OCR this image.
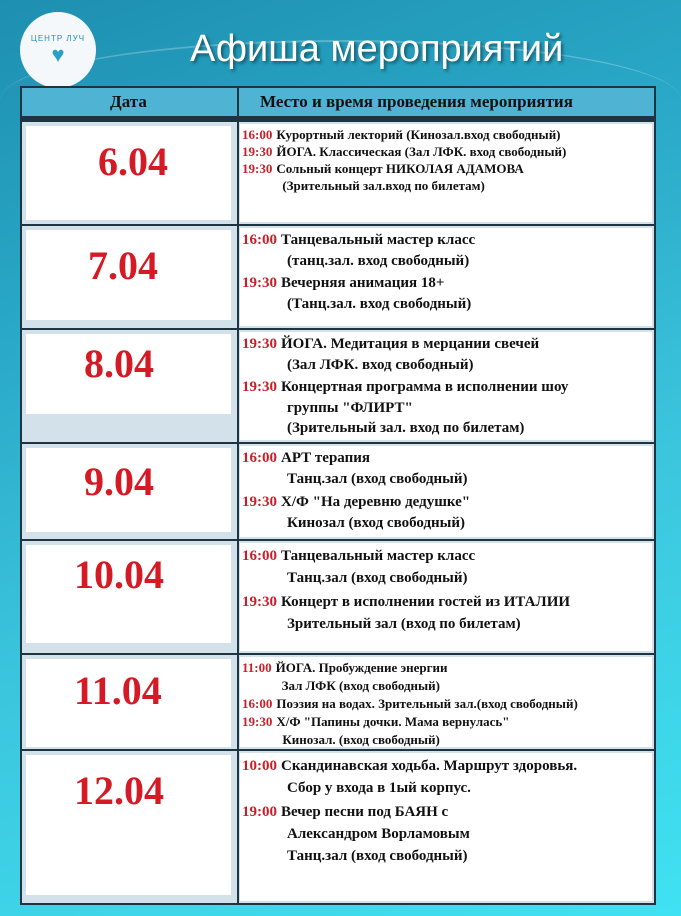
ЦЕНТР ЛУЧ
♥	Афиша мероприятий
Дата	Место и время проведения мероприятия
6.04
16:00 Курортный лекторий (Кинозал.вход свободный)
19:30 ЙОГА. Классическая (Зал ЛФК. вход свободный)
19:30 Сольный концерт НИКОЛАЯ АДАМОВА
(Зрительный зал.вход по билетам)
7.04
16:00 Танцевальный мастер класс
(танц.зал. вход свободный)
19:30 Вечерняя анимация 18+
(Танц.зал. вход свободный)
8.04	19:30 ЙОГА. Медитация в мерцании свечей
(Зал ЛФК. вход свободный)
19:30 Концертная программа в исполнении шоу
группы "ФЛИРТ"
(Зрительный зал. вход по билетам)
9.04
16:00 АРТ терапия
Танц.зал (вход свободный)
19:30 Х/Ф "На деревню дедушке"
Кинозал (вход свободный)
10.04	16:00 Танцевальный мастер класс
Танц.зал (вход свободный)
19:30 Концерт в исполнении гостей из ИТАЛИИ
Зрительный зал (вход по билетам)
11.04
11:00 ЙОГА. Пробуждение энергии
Зал ЛФК (вход свободный)
16:00 Поэзия на водах. Зрительный зал.(вход свободный)
19:30 Х/Ф "Папины дочки. Мама вернулась"
Кинозал. (вход свободный)
12.04
10:00 Скандинавская ходьба. Маршрут здоровья.
Сбор у входа в 1ый корпус.
19:00 Вечер песни под БАЯН с
Александром Ворламовым
Танц.зал (вход свободный)
